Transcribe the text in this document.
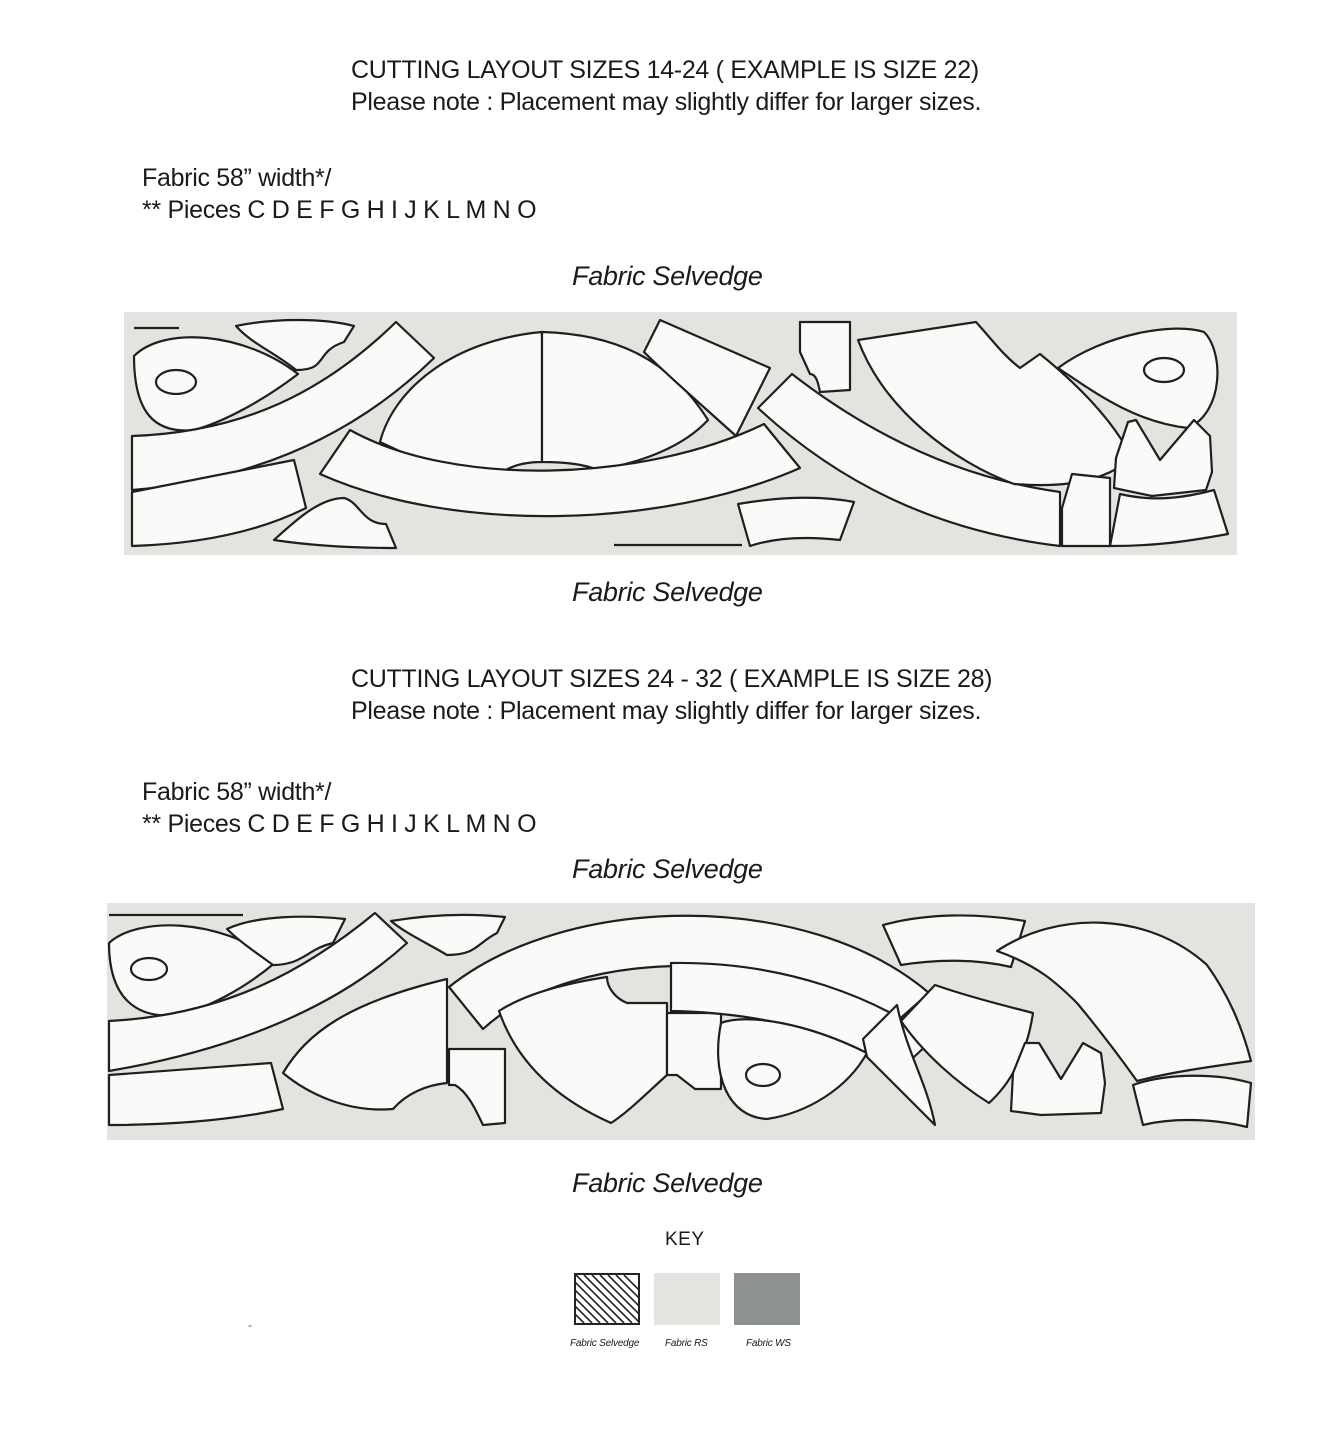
CUTTING LAYOUT SIZES 14-24 ( EXAMPLE IS SIZE 22)
Please note : Placement may slightly differ for larger sizes.
Fabric 58” width*/
** Pieces C D E F G H I J K L M N O
Fabric Selvedge
Fabric Selvedge
CUTTING LAYOUT SIZES 24 - 32 ( EXAMPLE IS SIZE 28)
Please note : Placement may slightly differ for larger sizes.
Fabric 58” width*/
** Pieces C D E F G H I J K L M N O
Fabric Selvedge
Fabric Selvedge
KEY
Fabric Selvedge	Fabric RS	Fabric WS
-
